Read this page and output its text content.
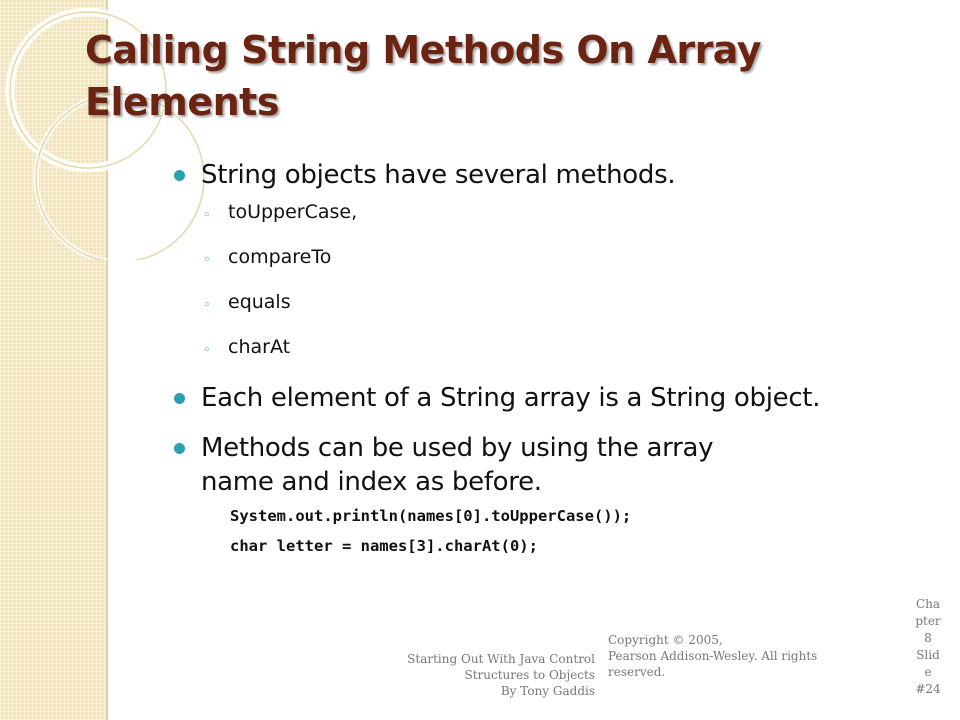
Calling String Methods On Array Elements
String objects have several methods.
◦ toUpperCase,
◦ compareTo
◦ equals
◦ charAt
Each element of a String array is a String object.
Methods can be used by using the array name and index as before.
System.out.println(names[0].toUpperCase());
char letter = names[3].charAt(0);
Starting Out With Java Control
Structures to Objects
By Tony Gaddis
Copyright © 2005,
Pearson Addison-Wesley. All rights
reserved.
Cha
pter
8
Slid
e
#24
